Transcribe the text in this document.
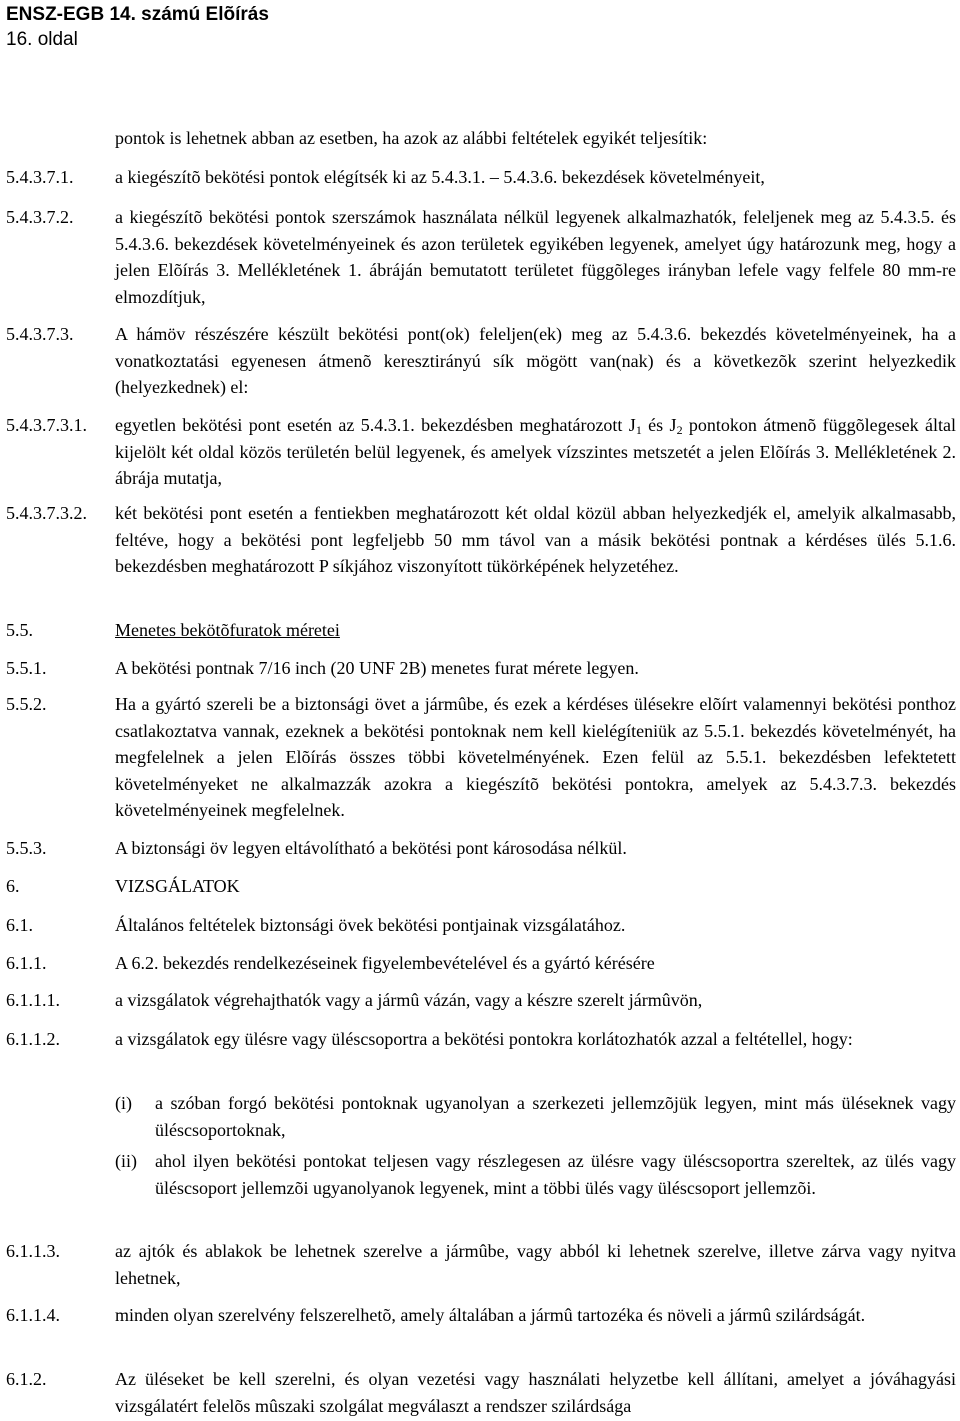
ENSZ-EGB 14. számú Elõírás
16. oldal
pontok is lehetnek abban az esetben, ha azok az alábbi feltételek egyikét teljesítik:
5.4.3.7.1. a kiegészítõ bekötési pontok elégítsék ki az 5.4.3.1. – 5.4.3.6. bekezdések követelményeit,
5.4.3.7.2. a kiegészítõ bekötési pontok szerszámok használata nélkül legyenek alkalmazhatók, feleljenek meg az 5.4.3.5. és 5.4.3.6. bekezdések követelményeinek és azon területek egyikében legyenek, amelyet úgy határozunk meg, hogy a jelen Elõírás 3. Mellékletének 1. ábráján bemutatott területet függõleges irányban lefele vagy felfele 80 mm-re elmozdítjuk,
5.4.3.7.3. A hámöv részészére készült bekötési pont(ok) feleljen(ek) meg az 5.4.3.6. bekezdés követelményeinek, ha a vonatkoztatási egyenesen átmenõ keresztirányú sík mögött van(nak) és a következõk szerint helyezkedik (helyezkednek) el:
5.4.3.7.3.1. egyetlen bekötési pont esetén az 5.4.3.1. bekezdésben meghatározott $J_1$ és $J_2$ pontokon átmenõ függõlegesek által kijelölt két oldal közös területén belül legyenek, és amelyek vízszintes metszetét a jelen Elõírás 3. Mellékletének 2. ábrája mutatja,
5.4.3.7.3.2. két bekötési pont esetén a fentiekben meghatározott két oldal közül abban helyezkedjék el, amelyik alkalmasabb, feltéve, hogy a bekötési pont legfeljebb 50 mm távol van a másik bekötési pontnak a kérdéses ülés 5.1.6. bekezdésben meghatározott P síkjához viszonyított tükörképének helyzetéhez.
5.5.	Menetes bekötõfuratok méretei
5.5.1.	A bekötési pontnak 7/16 inch (20 UNF 2B) menetes furat mérete legyen.
5.5.2.	Ha a gyártó szereli be a biztonsági övet a jármûbe, és ezek a kérdéses ülésekre elõírt valamennyi bekötési ponthoz csatlakoztatva vannak, ezeknek a bekötési pontoknak nem kell kielégíteniük az 5.5.1. bekezdés követelményét, ha megfelelnek a jelen Elõírás összes többi követelményének. Ezen felül az 5.5.1. bekezdésben lefektetett követelményeket ne alkalmazzák azokra a kiegészítõ bekötési pontokra, amelyek az 5.4.3.7.3. bekezdés követelményeinek megfelelnek.
5.5.3.	A biztonsági öv legyen eltávolítható a bekötési pont károsodása nélkül.
6.	VIZSGÁLATOK
6.1.	Általános feltételek biztonsági övek bekötési pontjainak vizsgálatához.
6.1.1.	A 6.2. bekezdés rendelkezéseinek figyelembevételével és a gyártó kérésére
6.1.1.1.	a vizsgálatok végrehajthatók vagy a jármû vázán, vagy a készre szerelt jármûvön,
6.1.1.2.	a vizsgálatok egy ülésre vagy üléscsoportra a bekötési pontokra korlátozhatók azzal a feltétellel, hogy:
(i) a szóban forgó bekötési pontoknak ugyanolyan a szerkezeti jellemzõjük legyen, mint más üléseknek vagy üléscsoportoknak,
(ii) ahol ilyen bekötési pontokat teljesen vagy részlegesen az ülésre vagy üléscsoportra szereltek, az ülés vagy üléscsoport jellemzõi ugyanolyanok legyenek, mint a többi ülés vagy üléscsoport jellemzõi.
6.1.1.3.	az ajtók és ablakok be lehetnek szerelve a jármûbe, vagy abból ki lehetnek szerelve, illetve zárva vagy nyitva lehetnek,
6.1.1.4.	minden olyan szerelvény felszerelhetõ, amely általában a jármû tartozéka és növeli a jármû szilárdságát.
6.1.2.	Az üléseket be kell szerelni, és olyan vezetési vagy használati helyzetbe kell állítani, amelyet a jóváhagyási vizsgálatért felelõs mûszaki szolgálat megválaszt a rendszer szilárdsága
